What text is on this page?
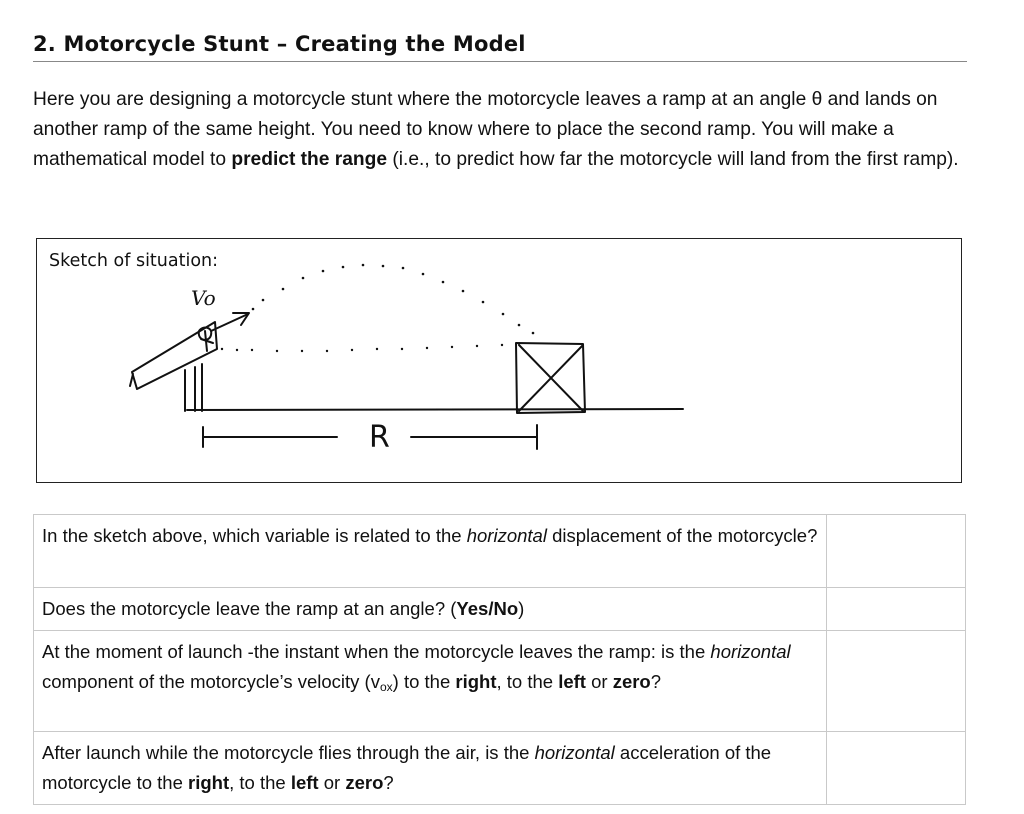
2. Motorcycle Stunt – Creating the Model

Here you are designing a motorcycle stunt where the motorcycle leaves a ramp at an angle θ and lands on another ramp of the same height. You need to know where to place the second ramp. You will make a mathematical model to predict the range (i.e., to predict how far the motorcycle will land from the first ramp).

Sketch of situation:
Vo
R
In the sketch above, which variable is related to the horizontal displacement of the motorcycle?	
Does the motorcycle leave the ramp at an angle? (Yes/No)	
At the moment of launch -the instant when the motorcycle leaves the ramp: is the horizontal component of the motorcycle’s velocity $(v_{ox})$ to the right, to the left or zero?	
After launch while the motorcycle flies through the air, is the horizontal acceleration of the motorcycle to the right, to the left or zero?	
